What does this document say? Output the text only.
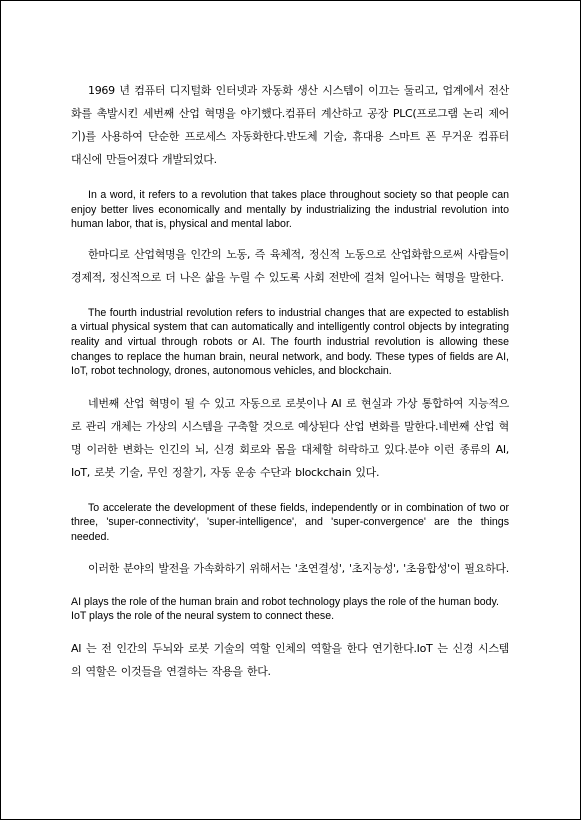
1969 년 컴퓨터 디지털화 인터넷과 자동화 생산 시스템이 이끄는 둘리고, 업계에서 전산화를 촉발시킨 세번째 산업 혁명을 야기했다.컴퓨터 계산하고 공장 PLC(프로그램 논리 제어기)를 사용하여 단순한 프로세스 자동화한다.반도체 기술, 휴대용 스마트 폰 무거운 컴퓨터 대신에 만들어졌다 개발되었다.

In a word, it refers to a revolution that takes place throughout society so that people can enjoy better lives economically and mentally by industrializing the industrial revolution into human labor, that is, physical and mental labor.

한마디로 산업혁명을 인간의 노동, 즉 육체적, 정신적 노동으로 산업화함으로써 사람들이 경제적, 정신적으로 더 나은 삶을 누릴 수 있도록 사회 전반에 걸쳐 일어나는 혁명을 말한다.

The fourth industrial revolution refers to industrial changes that are expected to establish a virtual physical system that can automatically and intelligently control objects by integrating reality and virtual through robots or AI. The fourth industrial revolution is allowing these changes to replace the human brain, neural network, and body. These types of fields are AI, IoT, robot technology, drones, autonomous vehicles, and blockchain.

네번째 산업 혁명이 될 수 있고 자동으로 로봇이나 AI 로 현실과 가상 통합하여 지능적으로 관리 개체는 가상의 시스템을 구축할 것으로 예상된다 산업 변화를 말한다.네번째 산업 혁명 이러한 변화는 인긴의 뇌, 신경 회로와 몸을 대체할 허락하고 있다.분야 이런 종류의 AI, IoT, 로봇 기술, 무인 정찰기, 자동 운송 수단과 blockchain 있다.

To accelerate the development of these fields, independently or in combination of two or three, 'super-connectivity', 'super-intelligence', and 'super-convergence' are the things needed.

이러한 분야의 발전을 가속화하기 위해서는 '초연결성', '초지능성', '초융합성'이 필요하다.

AI plays the role of the human brain and robot technology plays the role of the human body. IoT plays the role of the neural system to connect these.

AI 는 전 인간의 두뇌와 로봇 기술의 역할 인체의 역할을 한다 연기한다.IoT 는 신경 시스템의 역할은 이것들을 연결하는 작용을 한다.
